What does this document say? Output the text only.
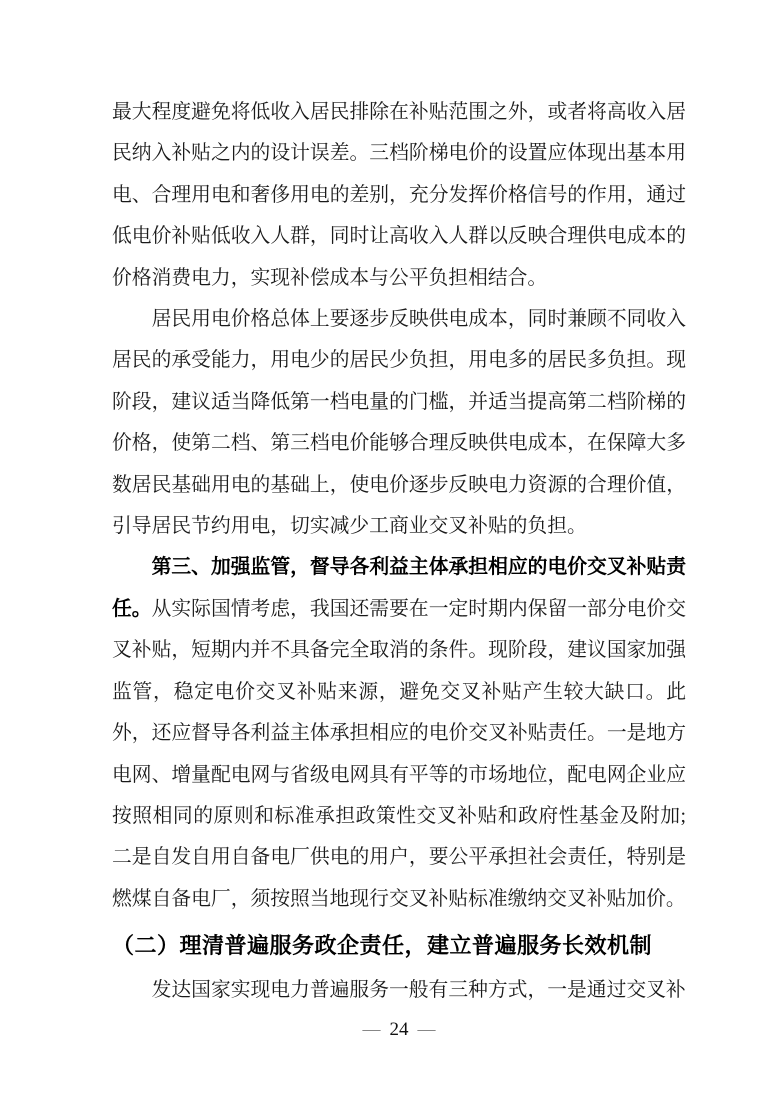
最大程度避免将低收入居民排除在补贴范围之外，或者将高收入居民纳入补贴之内的设计误差。三档阶梯电价的设置应体现出基本用电、合理用电和奢侈用电的差别，充分发挥价格信号的作用，通过低电价补贴低收入人群，同时让高收入人群以反映合理供电成本的价格消费电力，实现补偿成本与公平负担相结合。

居民用电价格总体上要逐步反映供电成本，同时兼顾不同收入居民的承受能力，用电少的居民少负担，用电多的居民多负担。现阶段，建议适当降低第一档电量的门槛，并适当提高第二档阶梯的价格，使第二档、第三档电价能够合理反映供电成本，在保障大多数居民基础用电的基础上，使电价逐步反映电力资源的合理价值，引导居民节约用电，切实减少工商业交叉补贴的负担。

第三、加强监管，督导各利益主体承担相应的电价交叉补贴责任。从实际国情考虑，我国还需要在一定时期内保留一部分电价交叉补贴，短期内并不具备完全取消的条件。现阶段，建议国家加强监管，稳定电价交叉补贴来源，避免交叉补贴产生较大缺口。此外，还应督导各利益主体承担相应的电价交叉补贴责任。一是地方电网、增量配电网与省级电网具有平等的市场地位，配电网企业应按照相同的原则和标准承担政策性交叉补贴和政府性基金及附加;二是自发自用自备电厂供电的用户，要公平承担社会责任，特别是燃煤自备电厂，须按照当地现行交叉补贴标准缴纳交叉补贴加价。

（二）理清普遍服务政企责任，建立普遍服务长效机制

发达国家实现电力普遍服务一般有三种方式，一是通过交叉补

— 24 —
